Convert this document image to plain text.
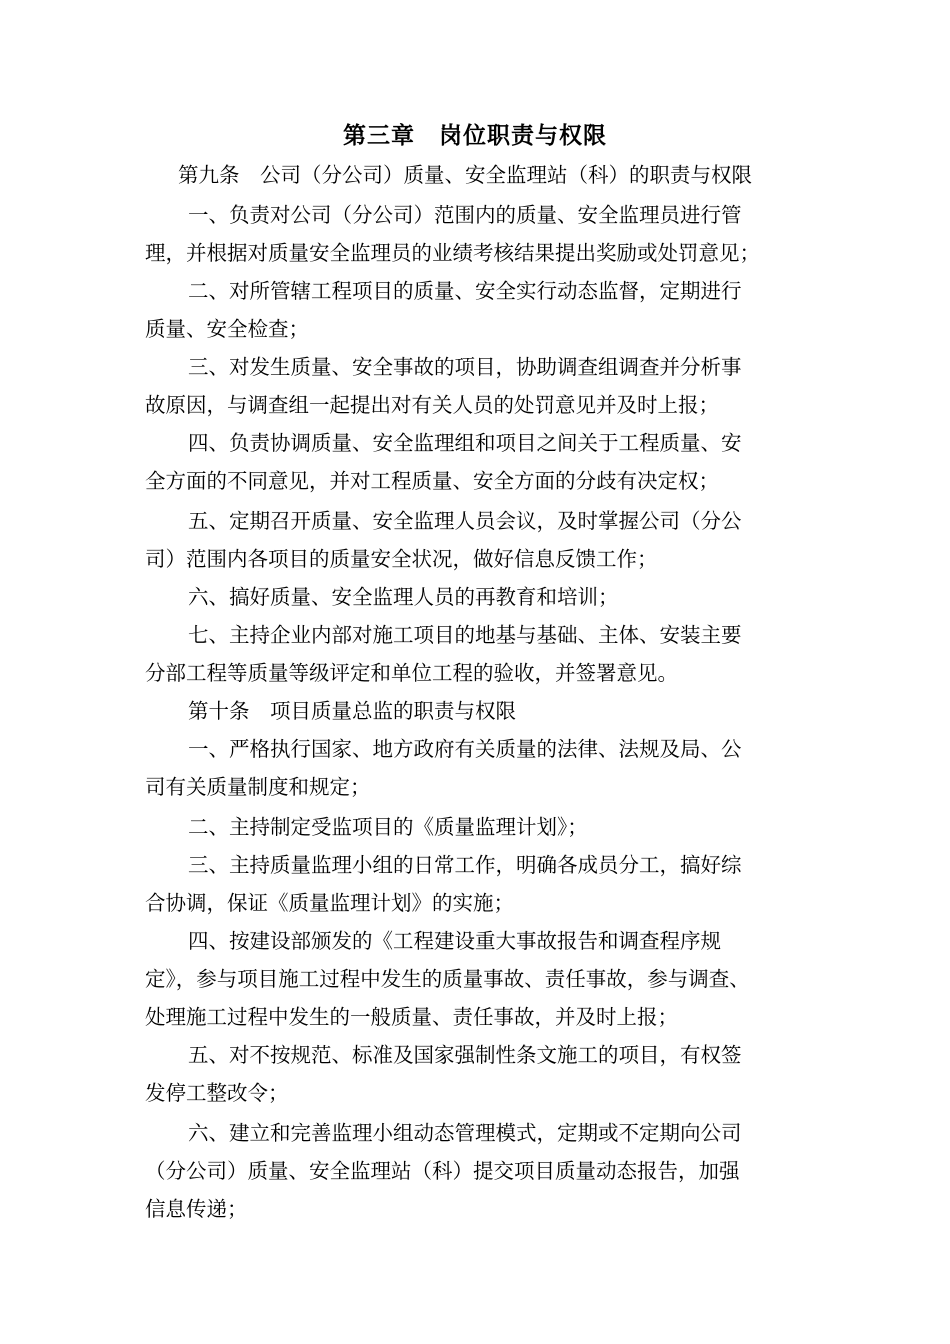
第三章　岗位职责与权限
第九条　公司（分公司）质量、安全监理站（科）的职责与权限
一、负责对公司（分公司）范围内的质量、安全监理员进行管
理，并根据对质量安全监理员的业绩考核结果提出奖励或处罚意见；
二、对所管辖工程项目的质量、安全实行动态监督，定期进行
质量、安全检查；
三、对发生质量、安全事故的项目，协助调查组调查并分析事
故原因，与调查组一起提出对有关人员的处罚意见并及时上报；
四、负责协调质量、安全监理组和项目之间关于工程质量、安
全方面的不同意见，并对工程质量、安全方面的分歧有决定权；
五、定期召开质量、安全监理人员会议，及时掌握公司（分公
司）范围内各项目的质量安全状况，做好信息反馈工作；
六、搞好质量、安全监理人员的再教育和培训；
七、主持企业内部对施工项目的地基与基础、主体、安装主要
分部工程等质量等级评定和单位工程的验收，并签署意见。
第十条　项目质量总监的职责与权限
一、严格执行国家、地方政府有关质量的法律、法规及局、公
司有关质量制度和规定；
二、主持制定受监项目的《质量监理计划》；
三、主持质量监理小组的日常工作，明确各成员分工，搞好综
合协调，保证《质量监理计划》的实施；
四、按建设部颁发的《工程建设重大事故报告和调查程序规
定》，参与项目施工过程中发生的质量事故、责任事故，参与调查、
处理施工过程中发生的一般质量、责任事故，并及时上报；
五、对不按规范、标准及国家强制性条文施工的项目，有权签
发停工整改令；
六、建立和完善监理小组动态管理模式，定期或不定期向公司
（分公司）质量、安全监理站（科）提交项目质量动态报告，加强
信息传递；
